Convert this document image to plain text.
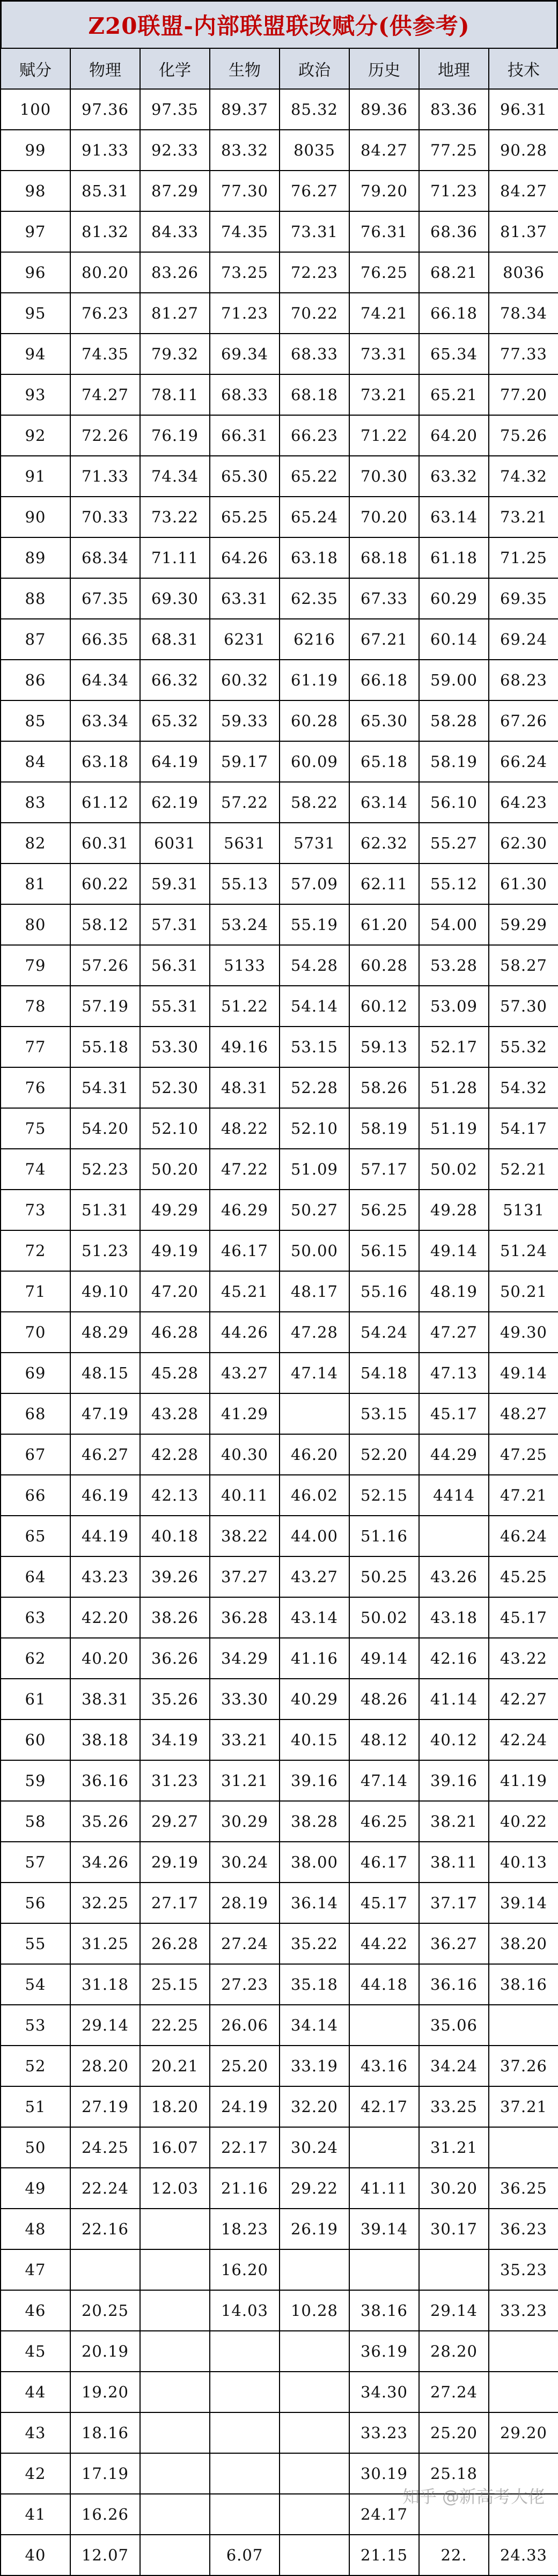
Z20联盟-内部联盟联改赋分(供参考)
赋分	物理	化学	生物	政治	历史	地理	技术
100	97.36	97.35	89.37	85.32	89.36	83.36	96.31
99	91.33	92.33	83.32	8035	84.27	77.25	90.28
98	85.31	87.29	77.30	76.27	79.20	71.23	84.27
97	81.32	84.33	74.35	73.31	76.31	68.36	81.37
96	80.20	83.26	73.25	72.23	76.25	68.21	8036
95	76.23	81.27	71.23	70.22	74.21	66.18	78.34
94	74.35	79.32	69.34	68.33	73.31	65.34	77.33
93	74.27	78.11	68.33	68.18	73.21	65.21	77.20
92	72.26	76.19	66.31	66.23	71.22	64.20	75.26
91	71.33	74.34	65.30	65.22	70.30	63.32	74.32
90	70.33	73.22	65.25	65.24	70.20	63.14	73.21
89	68.34	71.11	64.26	63.18	68.18	61.18	71.25
88	67.35	69.30	63.31	62.35	67.33	60.29	69.35
87	66.35	68.31	6231	6216	67.21	60.14	69.24
86	64.34	66.32	60.32	61.19	66.18	59.00	68.23
85	63.34	65.32	59.33	60.28	65.30	58.28	67.26
84	63.18	64.19	59.17	60.09	65.18	58.19	66.24
83	61.12	62.19	57.22	58.22	63.14	56.10	64.23
82	60.31	6031	5631	5731	62.32	55.27	62.30
81	60.22	59.31	55.13	57.09	62.11	55.12	61.30
80	58.12	57.31	53.24	55.19	61.20	54.00	59.29
79	57.26	56.31	5133	54.28	60.28	53.28	58.27
78	57.19	55.31	51.22	54.14	60.12	53.09	57.30
77	55.18	53.30	49.16	53.15	59.13	52.17	55.32
76	54.31	52.30	48.31	52.28	58.26	51.28	54.32
75	54.20	52.10	48.22	52.10	58.19	51.19	54.17
74	52.23	50.20	47.22	51.09	57.17	50.02	52.21
73	51.31	49.29	46.29	50.27	56.25	49.28	5131
72	51.23	49.19	46.17	50.00	56.15	49.14	51.24
71	49.10	47.20	45.21	48.17	55.16	48.19	50.21
70	48.29	46.28	44.26	47.28	54.24	47.27	49.30
69	48.15	45.28	43.27	47.14	54.18	47.13	49.14
68	47.19	43.28	41.29		53.15	45.17	48.27
67	46.27	42.28	40.30	46.20	52.20	44.29	47.25
66	46.19	42.13	40.11	46.02	52.15	4414	47.21
65	44.19	40.18	38.22	44.00	51.16		46.24
64	43.23	39.26	37.27	43.27	50.25	43.26	45.25
63	42.20	38.26	36.28	43.14	50.02	43.18	45.17
62	40.20	36.26	34.29	41.16	49.14	42.16	43.22
61	38.31	35.26	33.30	40.29	48.26	41.14	42.27
60	38.18	34.19	33.21	40.15	48.12	40.12	42.24
59	36.16	31.23	31.21	39.16	47.14	39.16	41.19
58	35.26	29.27	30.29	38.28	46.25	38.21	40.22
57	34.26	29.19	30.24	38.00	46.17	38.11	40.13
56	32.25	27.17	28.19	36.14	45.17	37.17	39.14
55	31.25	26.28	27.24	35.22	44.22	36.27	38.20
54	31.18	25.15	27.23	35.18	44.18	36.16	38.16
53	29.14	22.25	26.06	34.14		35.06	
52	28.20	20.21	25.20	33.19	43.16	34.24	37.26
51	27.19	18.20	24.19	32.20	42.17	33.25	37.21
50	24.25	16.07	22.17	30.24		31.21	
49	22.24	12.03	21.16	29.22	41.11	30.20	36.25
48	22.16		18.23	26.19	39.14	30.17	36.23
47			16.20				35.23
46	20.25		14.03	10.28	38.16	29.14	33.23
45	20.19				36.19	28.20	
44	19.20				34.30	27.24	
43	18.16				33.23	25.20	29.20
42	17.19				30.19	25.18	
41	16.26				24.17		
40	12.07		6.07		21.15	22.	24.33
知乎 @新高考大佬
